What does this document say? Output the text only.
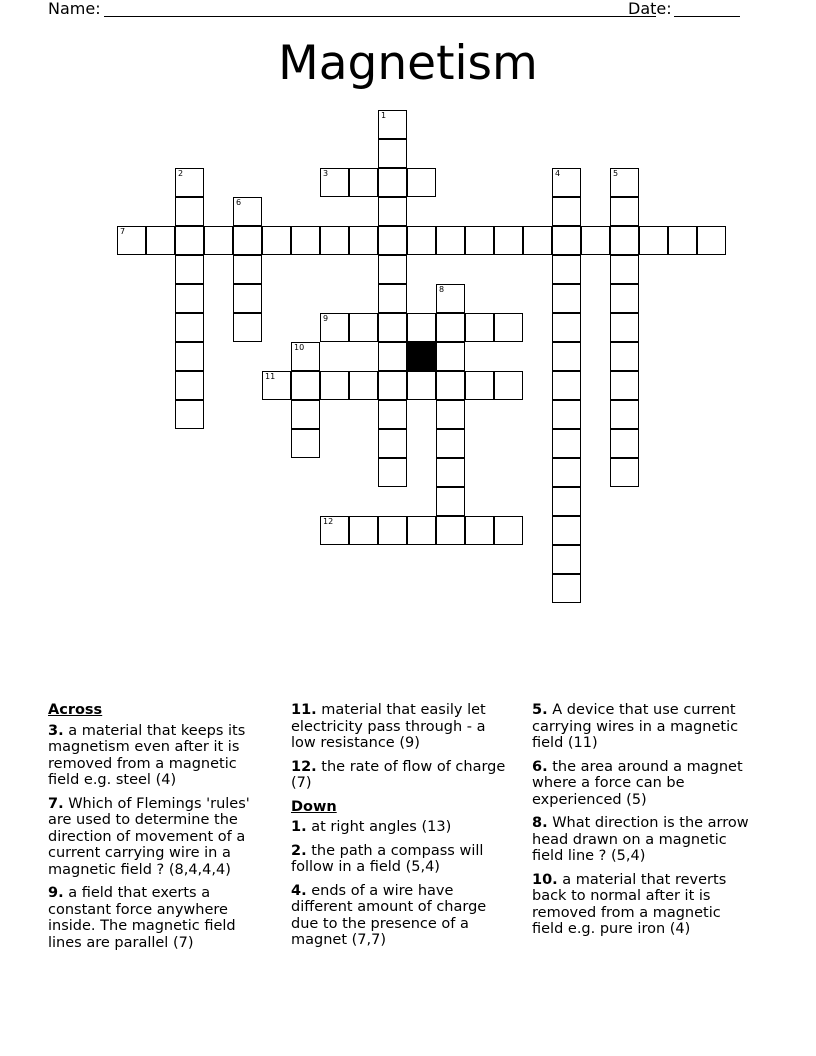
Name:	Date:
Magnetism
1
2	3	4	5
6
7
8
9
10
11
12
Across
3. a material that keeps its magnetism even after it is removed from a magnetic field e.g. steel (4)
7. Which of Flemings 'rules' are used to determine the direction of movement of a current carrying wire in a magnetic field ? (8,4,4,4)
9. a field that exerts a constant force anywhere inside. The magnetic field lines are parallel (7)
11. material that easily let electricity pass through - a low resistance (9)
12. the rate of flow of charge (7)
Down
1. at right angles (13)
2. the path a compass will follow in a field (5,4)
4. ends of a wire have different amount of charge due to the presence of a magnet (7,7)
5. A device that use current carrying wires in a magnetic field (11)
6. the area around a magnet where a force can be experienced (5)
8. What direction is the arrow head drawn on a magnetic field line ? (5,4)
10. a material that reverts back to normal after it is removed from a magnetic field e.g. pure iron (4)
